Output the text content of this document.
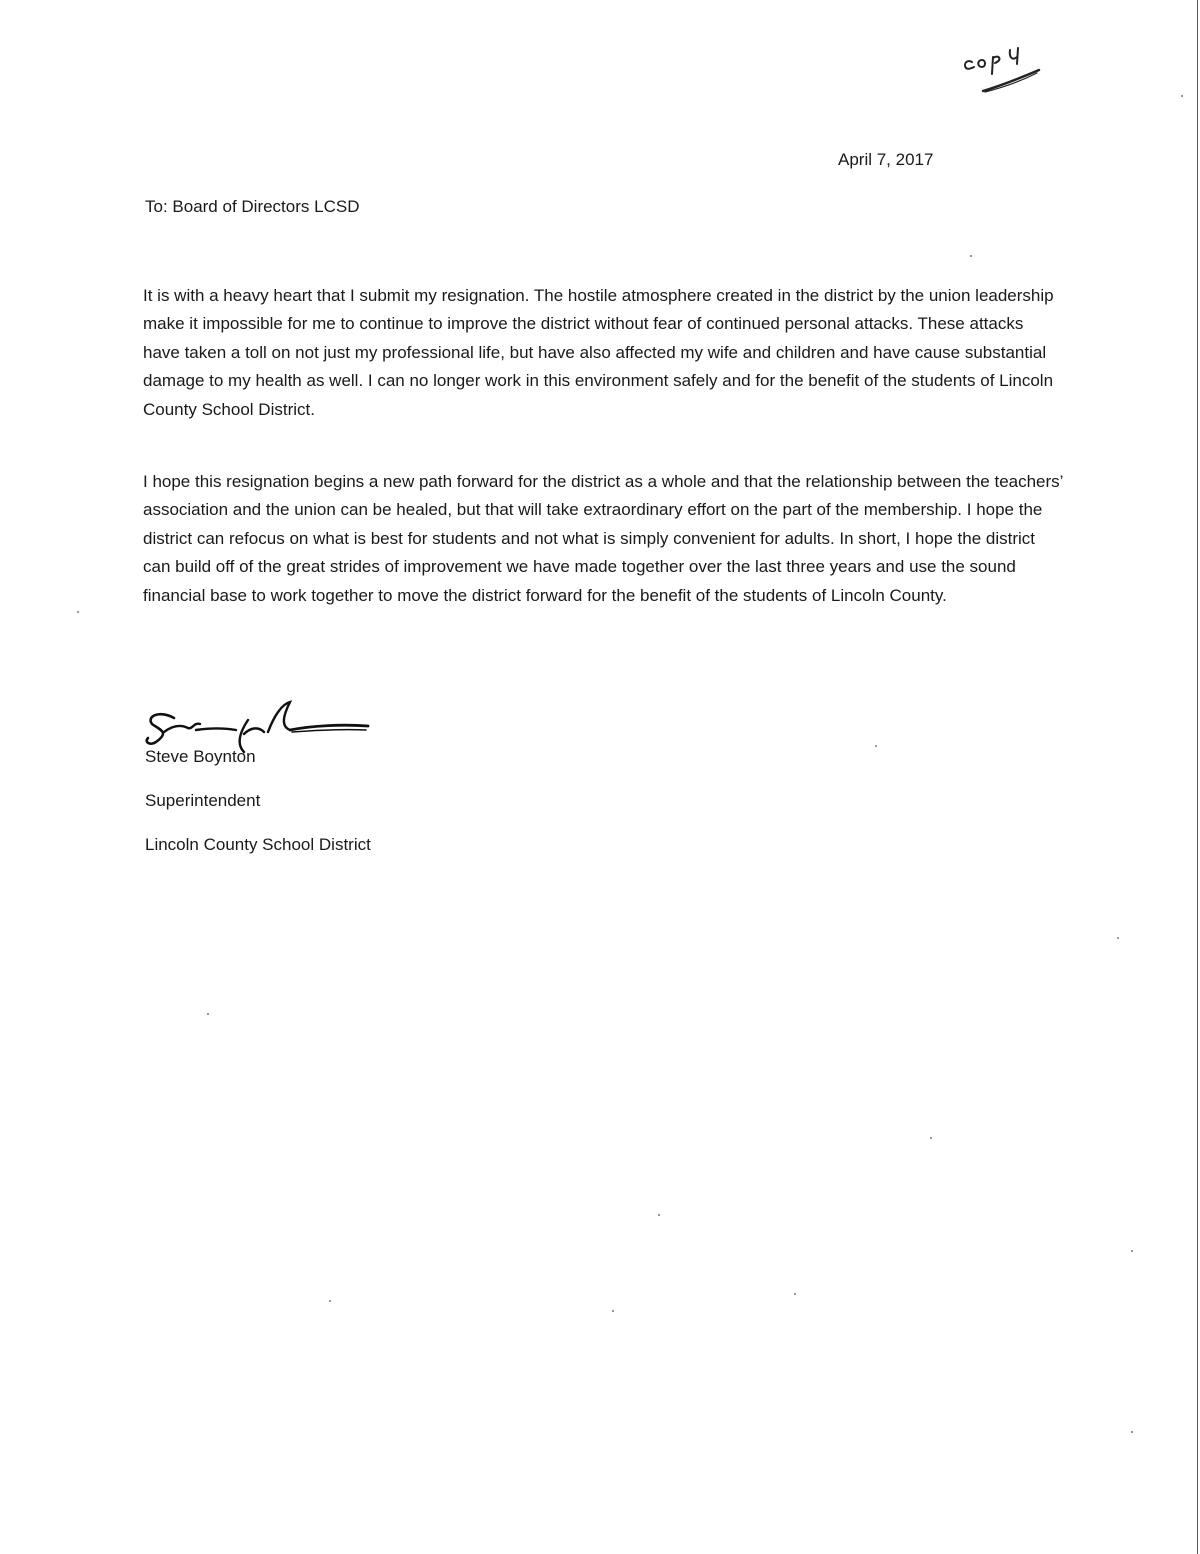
April 7, 2017
To: Board of Directors LCSD

It is with a heavy heart that I submit my resignation. The hostile atmosphere created in the district by the union leadership make it impossible for me to continue to improve the district without fear of continued personal attacks. These attacks have taken a toll on not just my professional life, but have also affected my wife and children and have cause substantial damage to my health as well. I can no longer work in this environment safely and for the benefit of the students of Lincoln County School District.

I hope this resignation begins a new path forward for the district as a whole and that the relationship between the teachers’ association and the union can be healed, but that will take extraordinary effort on the part of the membership. I hope the district can refocus on what is best for students and not what is simply convenient for adults. In short, I hope the district can build off of the great strides of improvement we have made together over the last three years and use the sound financial base to work together to move the district forward for the benefit of the students of Lincoln County.

Steve Boynton
Superintendent
Lincoln County School District
